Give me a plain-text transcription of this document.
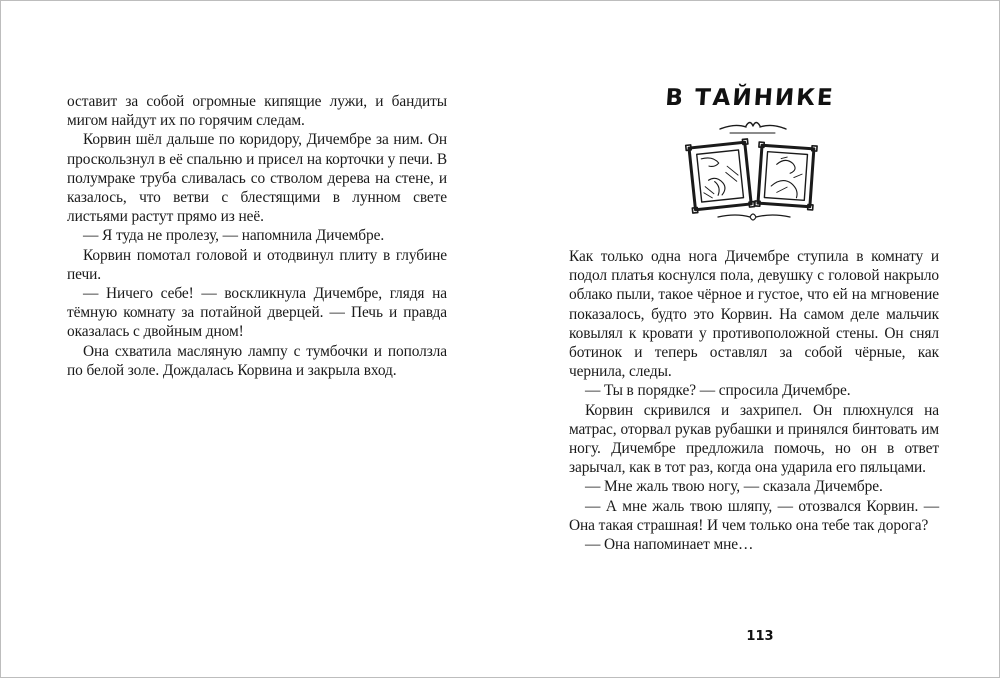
оставит за собой огромные кипящие лужи, и бандиты мигом найдут их по горячим следам.

Корвин шёл дальше по коридору, Дичембре за ним. Он проскользнул в её спальню и присел на корточки у печи. В полумраке труба сливалась со стволом дерева на стене, и казалось, что ветви с блестящими в лунном свете листьями растут прямо из неё.

— Я туда не пролезу, — напомнила Дичембре.

Корвин помотал головой и отодвинул плиту в глубине печи.

— Ничего себе! — воскликнула Дичембре, глядя на тёмную комнату за потайной дверцей. — Печь и правда оказалась с двойным дном!

Она схватила масляную лампу с тумбочки и поползла по белой золе. Дождалась Корвина и закрыла вход.

В ТАЙНИКЕ

Как только одна нога Дичембре ступила в комнату и подол платья коснулся пола, девушку с головой накрыло облако пыли, такое чёрное и густое, что ей на мгновение показалось, будто это Корвин. На самом деле мальчик ковылял к кровати у противоположной стены. Он снял ботинок и теперь оставлял за собой чёрные, как чернила, следы.

— Ты в порядке? — спросила Дичембре.

Корвин скривился и захрипел. Он плюхнулся на матрас, оторвал рукав рубашки и принялся бинтовать им ногу. Дичембре предложила помочь, но он в ответ зарычал, как в тот раз, когда она ударила его пяльцами.

— Мне жаль твою ногу, — сказала Дичембре.

— А мне жаль твою шляпу, — отозвался Корвин. — Она такая страшная! И чем только она тебе так дорога?

— Она напоминает мне…

113
